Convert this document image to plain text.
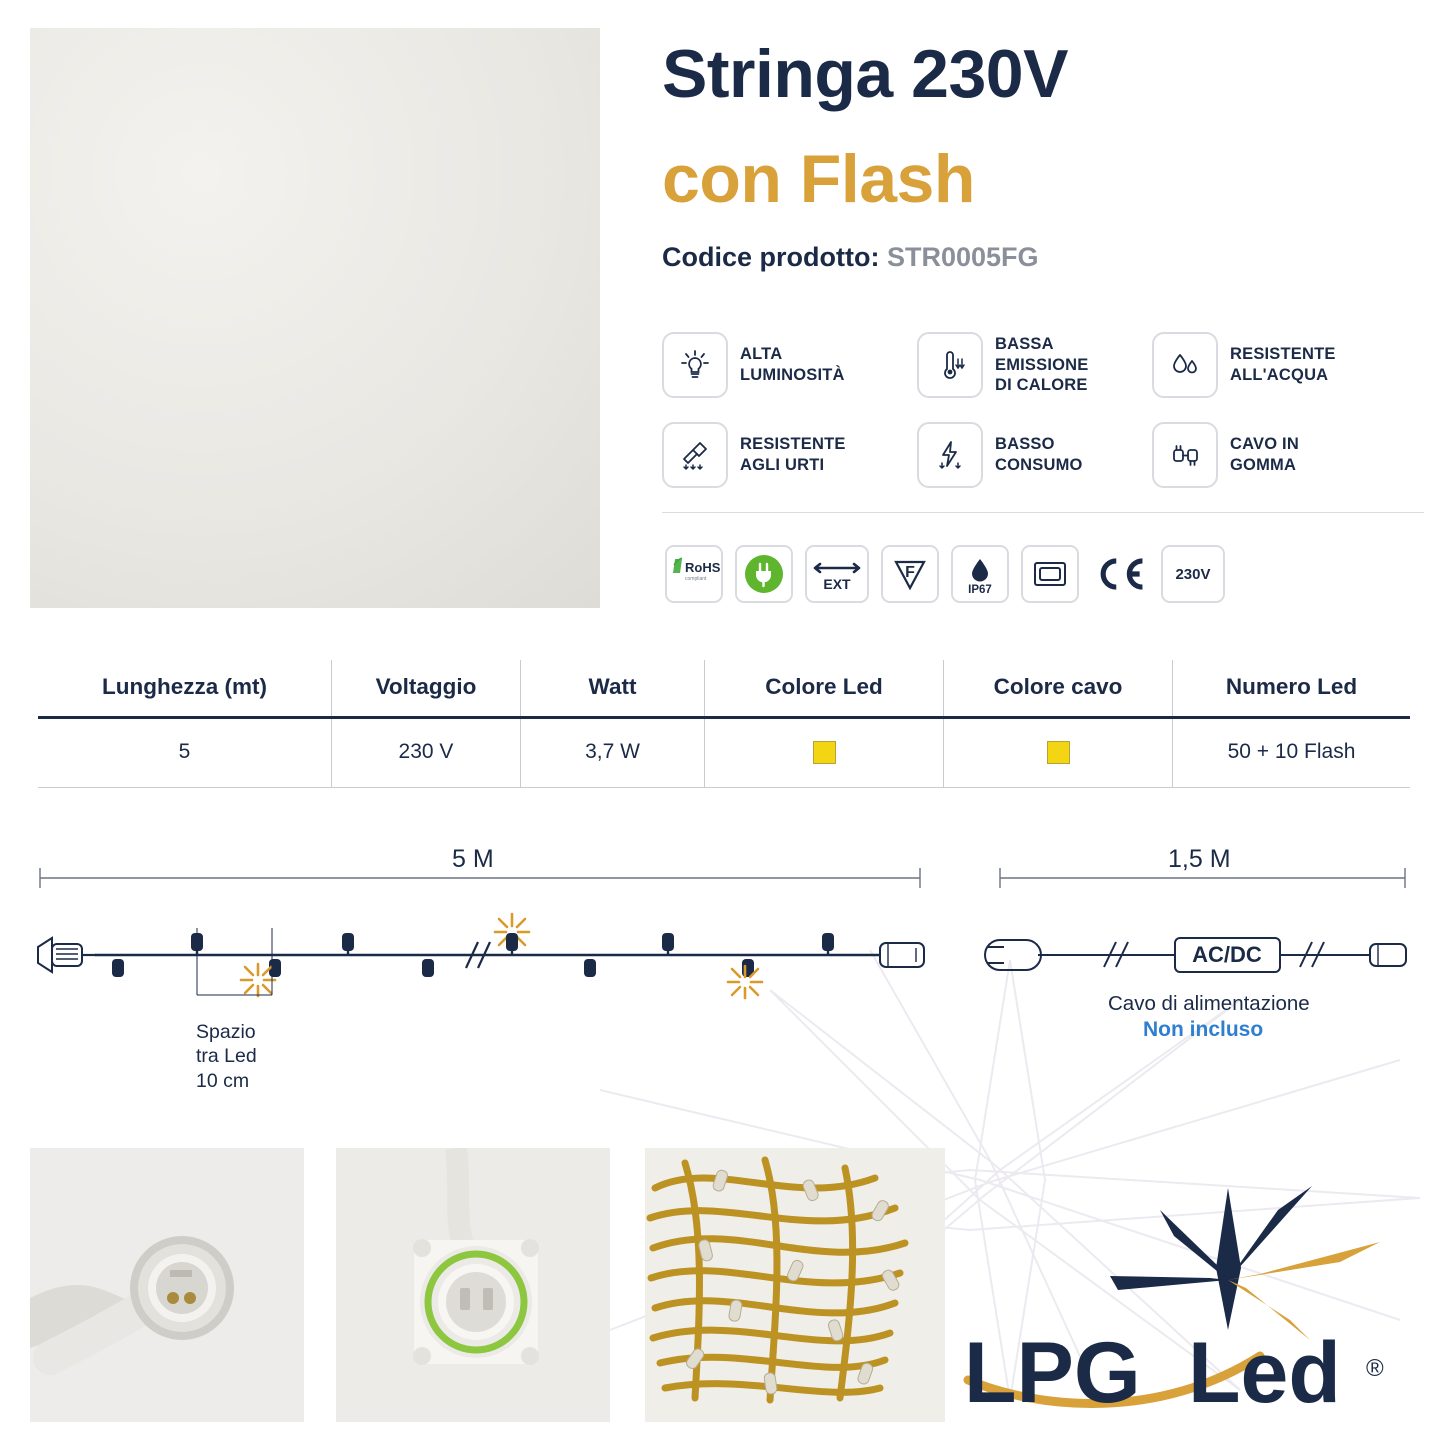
Stringa 230V
con Flash
Codice prodotto: STR0005FG
ALTA
LUMINOSITÀ
BASSA
EMISSIONE
DI CALORE
RESISTENTE
ALL'ACQUA
RESISTENTE
AGLI URTI
BASSO
CONSUMO
CAVO IN
GOMMA
RoHS
compliant	EXT
F
IP67
230V
Lunghezza (mt)	Voltaggio	Watt	Colore Led	Colore cavo	Numero Led
5	230 V	3,7 W			50 + 10 Flash
AC/DC
5 M	1,5 M
Spazio
tra Led
10 cm
Cavo di alimentazione
Non incluso
LPG Led ®
